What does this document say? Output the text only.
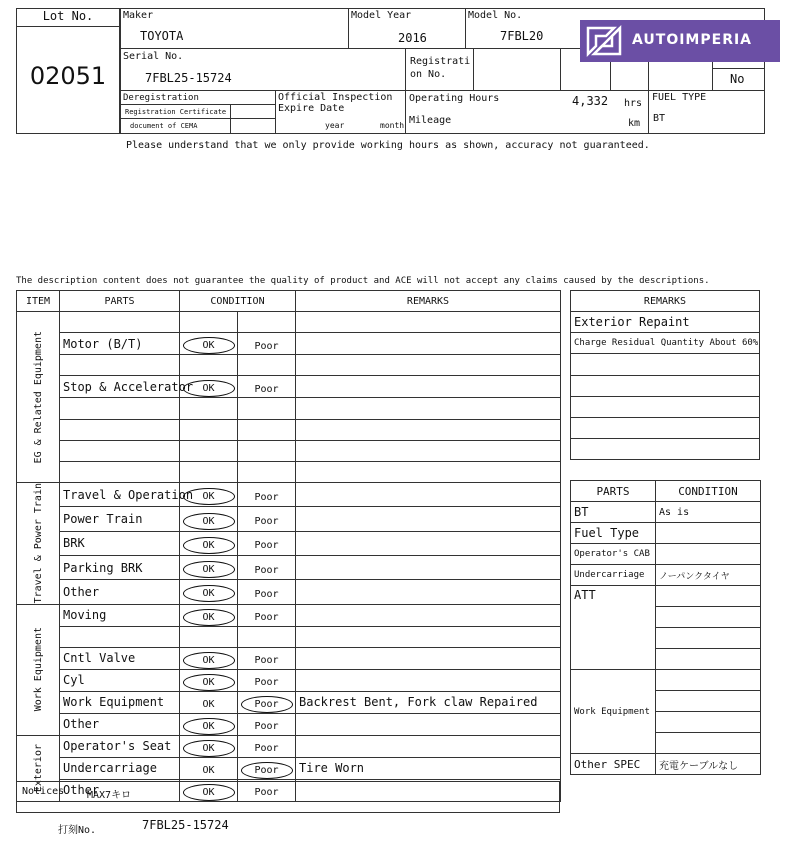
Lot No.
02051
Maker
TOYOTA
Model Year
2016
Model No.
7FBL20
Serial No.
7FBL25-15724
Registrati on No.	No
Deregistration
Registration Certificate
document of CEMA
Official Inspection Expire Date
year	month
Operating Hours	4,332 hrs
Mileage	km
FUEL TYPE
BT
Please understand that we only provide working hours as shown, accuracy not guaranteed.
AUTOIMPERIA
The description content does not guarantee the quality of product and ACE will not accept any claims caused by the descriptions.
ITEM	PARTS	CONDITION		REMARKS

EG & Related Equipment				

	Motor (B/T)	OK	Poor	

	Stop & Accelerator	OK	Poor	

Travel & Power Train	Travel & Operation	OK	Poor	
	Power Train	OK	Poor	
	BRK	OK	Poor	
	Parking BRK	OK	Poor	
	Other	OK	Poor	

Work Equipment	Moving	OK	Poor	

	Cntl Valve	OK	Poor	
	Cyl	OK	Poor	
	Work Equipment	OK	Poor	Backrest Bent, Fork claw Repaired
	Other	OK	Poor	

Exterior	Operator's Seat	OK	Poor	
	Undercarriage	OK	Poor	Tire Worn
	Other	OK	Poor	
Notices MAX7キロ
REMARKS
Exterior Repaint
Charge Residual Quantity About 60%

PARTS	CONDITION
BT	As is
Fuel Type	
Operator's CAB	
Undercarriage	ノーパンクタイヤ
ATT	

Work Equipment	

Other SPEC	充電ケーブルなし
打刻No.	7FBL25-15724
